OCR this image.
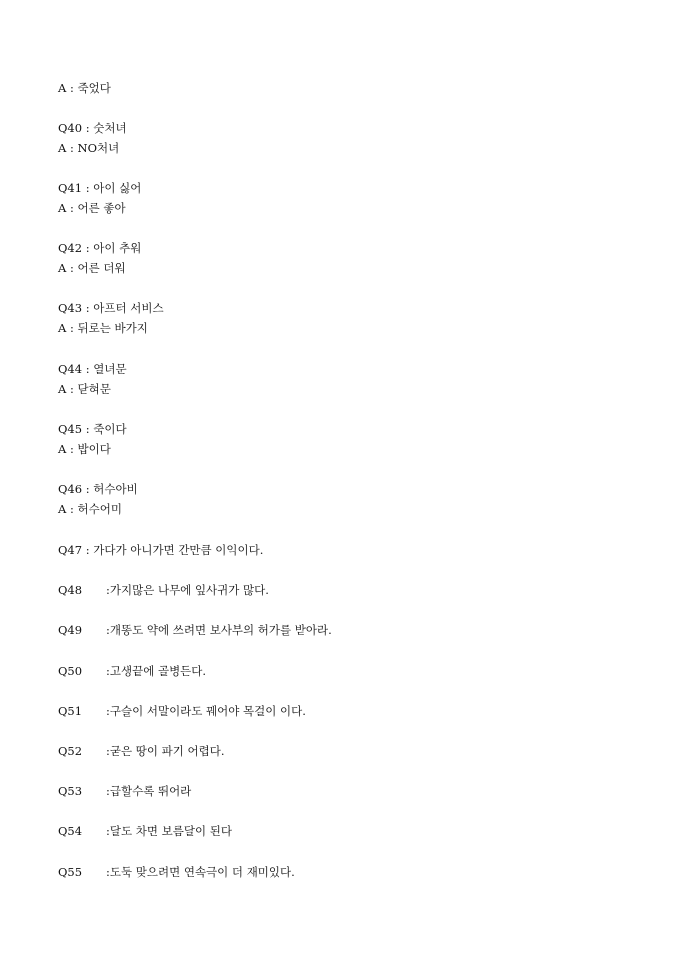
A : 죽었다
Q40 : 숫처녀
A : NO처녀
Q41 : 아이 싫어
A : 어른 좋아
Q42 : 아이 추워
A : 어른 더워
Q43 : 아프터 서비스
A : 뒤로는 바가지
Q44 : 열녀문
A : 닫혀문
Q45 : 죽이다
A : 밥이다
Q46 : 허수아비
A : 허수어미
Q47 : 가다가 아니가면 간만큼 이익이다.
Q48 :가지많은 나무에 잎사귀가 많다.
Q49 :개똥도 약에 쓰려면 보사부의 허가를 받아라.
Q50 :고생끝에 골병든다.
Q51 :구슬이 서말이라도 꿰어야 목걸이 이다.
Q52 :굳은 땅이 파기 어렵다.
Q53 :급할수록 뛰어라
Q54 :달도 차면 보름달이 된다
Q55 :도둑 맞으려면 연속극이 더 재미있다.
